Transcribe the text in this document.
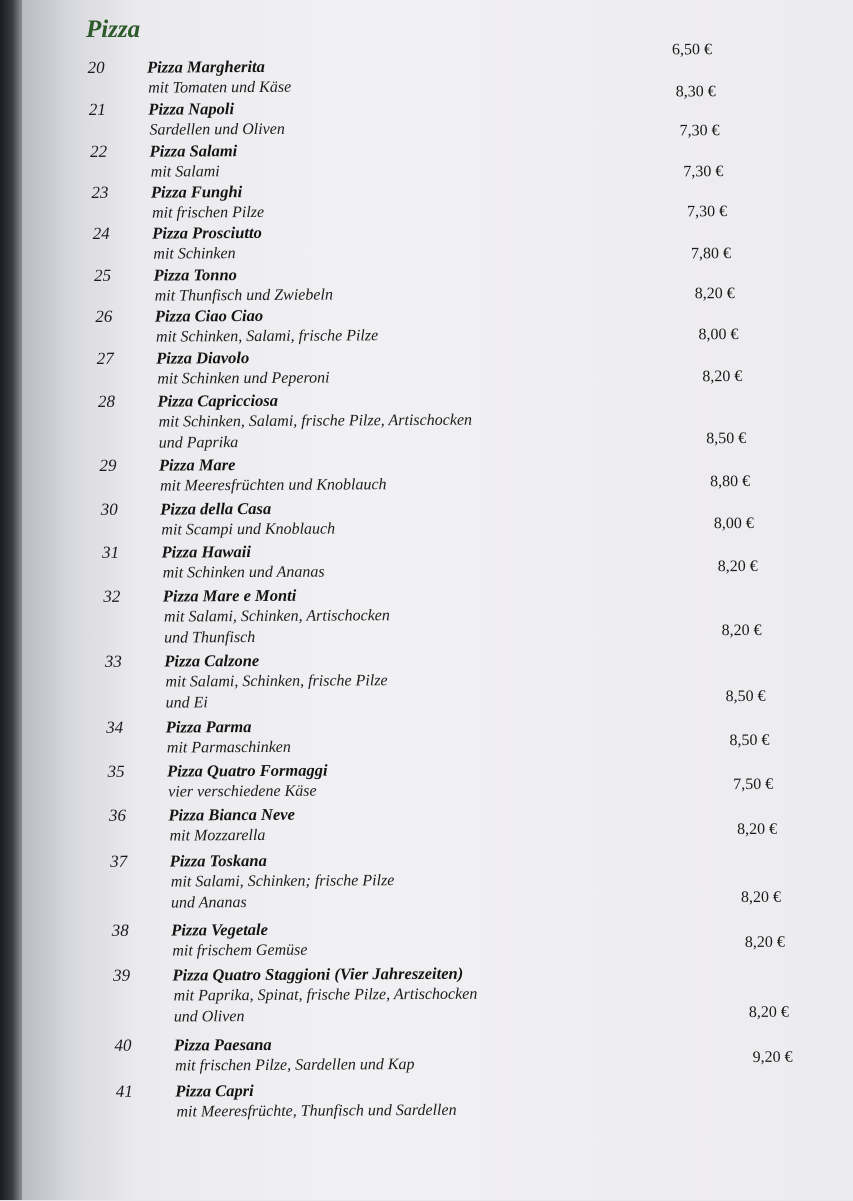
Pizza
20	Pizza Margherita
mit Tomaten und Käse
6,50 €
21	Pizza Napoli
Sardellen und Oliven
8,30 €
22	Pizza Salami
mit Salami
7,30 €
23	Pizza Funghi
mit frischen Pilze
7,30 €
24	Pizza Prosciutto
mit Schinken
7,30 €
25	Pizza Tonno
mit Thunfisch und Zwiebeln
7,80 €
26	Pizza Ciao Ciao
mit Schinken, Salami, frische Pilze
8,20 €
27	Pizza Diavolo
mit Schinken und Peperoni
8,00 €
28	Pizza Capricciosa
mit Schinken, Salami, frische Pilze, Artischocken
und Paprika
8,20 €
29	Pizza Mare
mit Meeresfrüchten und Knoblauch
8,50 €
30	Pizza della Casa
mit Scampi und Knoblauch
8,80 €
31	Pizza Hawaii
mit Schinken und Ananas
8,00 €
32	Pizza Mare e Monti
mit Salami, Schinken, Artischocken
und Thunfisch
8,20 €
33	Pizza Calzone
mit Salami, Schinken, frische Pilze
und Ei
8,20 €
34	Pizza Parma
mit Parmaschinken
8,50 €
35	Pizza Quatro Formaggi
vier verschiedene Käse
8,50 €
36	Pizza Bianca Neve
mit Mozzarella
7,50 €
37	Pizza Toskana
mit Salami, Schinken; frische Pilze
und Ananas
8,20 €
38	Pizza Vegetale
mit frischem Gemüse
8,20 €
39	Pizza Quatro Staggioni (Vier Jahreszeiten)
mit Paprika, Spinat, frische Pilze, Artischocken
und Oliven
8,20 €
40	Pizza Paesana
mit frischen Pilze, Sardellen und Kap
8,20 €
41	Pizza Capri
mit Meeresfrüchte, Thunfisch und Sardellen
9,20 €
